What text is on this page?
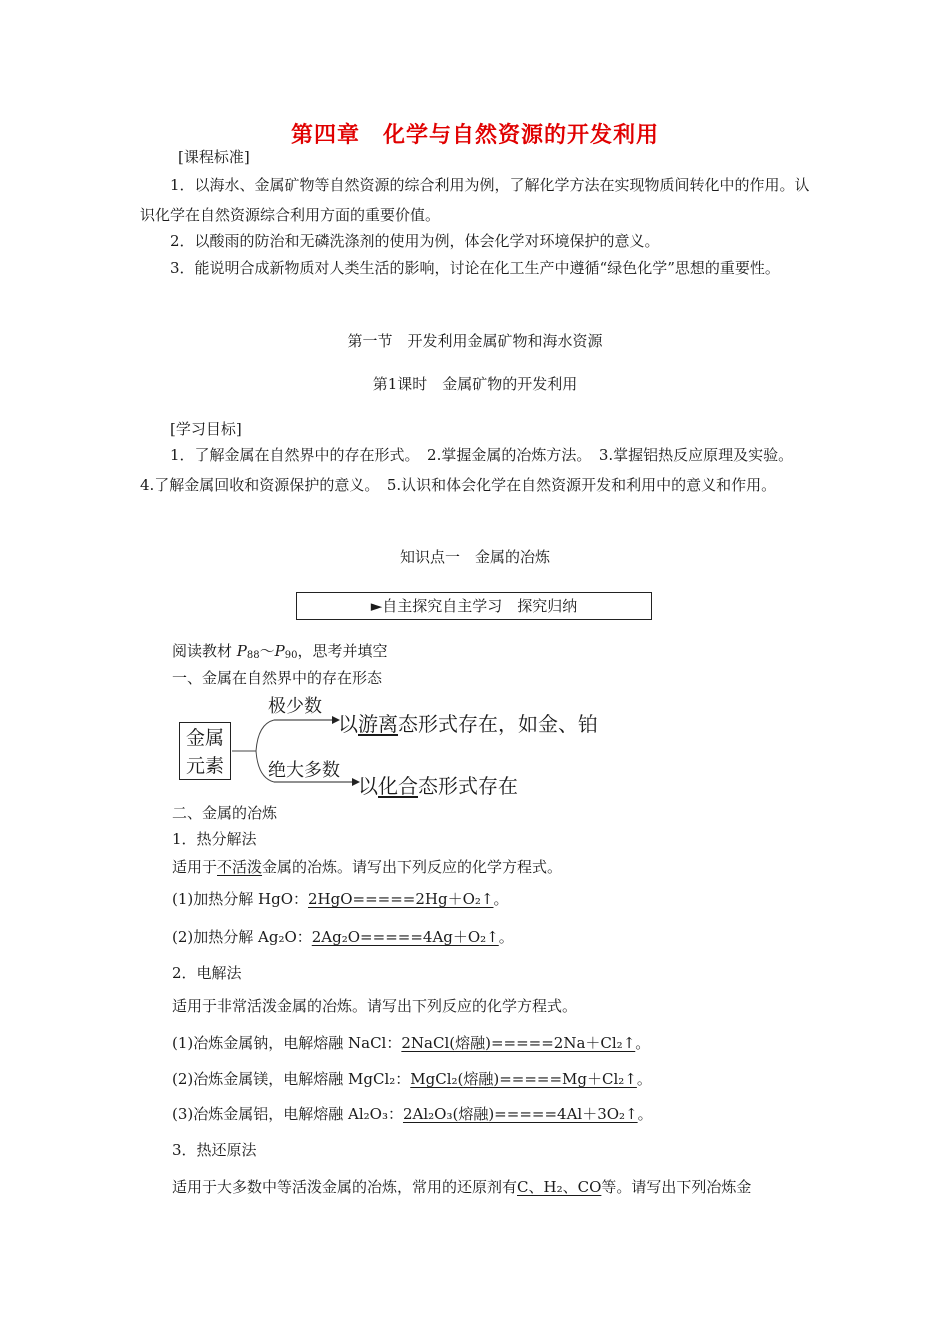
第四章　化学与自然资源的开发利用
[课程标准]
1．以海水、金属矿物等自然资源的综合利用为例，了解化学方法在实现物质间转化中的作用。认识化学在自然资源综合利用方面的重要价值。
2．以酸雨的防治和无磷洗涤剂的使用为例，体会化学对环境保护的意义。
3．能说明合成新物质对人类生活的影响，讨论在化工生产中遵循“绿色化学”思想的重要性。
第一节　开发利用金属矿物和海水资源
第1课时　金属矿物的开发利用
[学习目标]
1．了解金属在自然界中的存在形式。　2.掌握金属的冶炼方法。　3.掌握铝热反应原理及实验。　4.了解金属回收和资源保护的意义。　5.认识和体会化学在自然资源开发和利用中的意义和作用。
知识点一　金属的冶炼
►自主探究自主学习　探究归纳
阅读教材 $P_{88}\sim P_{90}$，思考并填空
一、金属在自然界中的存在形态
金属
元素
极少数
以游离态形式存在，如金、铂
绝大多数
以化合态形式存在
二、金属的冶炼
1．热分解法
适用于不活泼金属的冶炼。请写出下列反应的化学方程式。
(1)加热分解 HgO：2HgO=====2Hg＋O₂↑。
(2)加热分解 Ag₂O：2Ag₂O=====4Ag＋O₂↑。
2．电解法
适用于非常活泼金属的冶炼。请写出下列反应的化学方程式。
(1)冶炼金属钠，电解熔融 NaCl：2NaCl(熔融)=====2Na＋Cl₂↑。
(2)冶炼金属镁，电解熔融 MgCl₂：MgCl₂(熔融)=====Mg＋Cl₂↑。
(3)冶炼金属铝，电解熔融 Al₂O₃：2Al₂O₃(熔融)=====4Al＋3O₂↑。
3．热还原法
适用于大多数中等活泼金属的冶炼，常用的还原剂有C、H₂、CO等。请写出下列冶炼金
